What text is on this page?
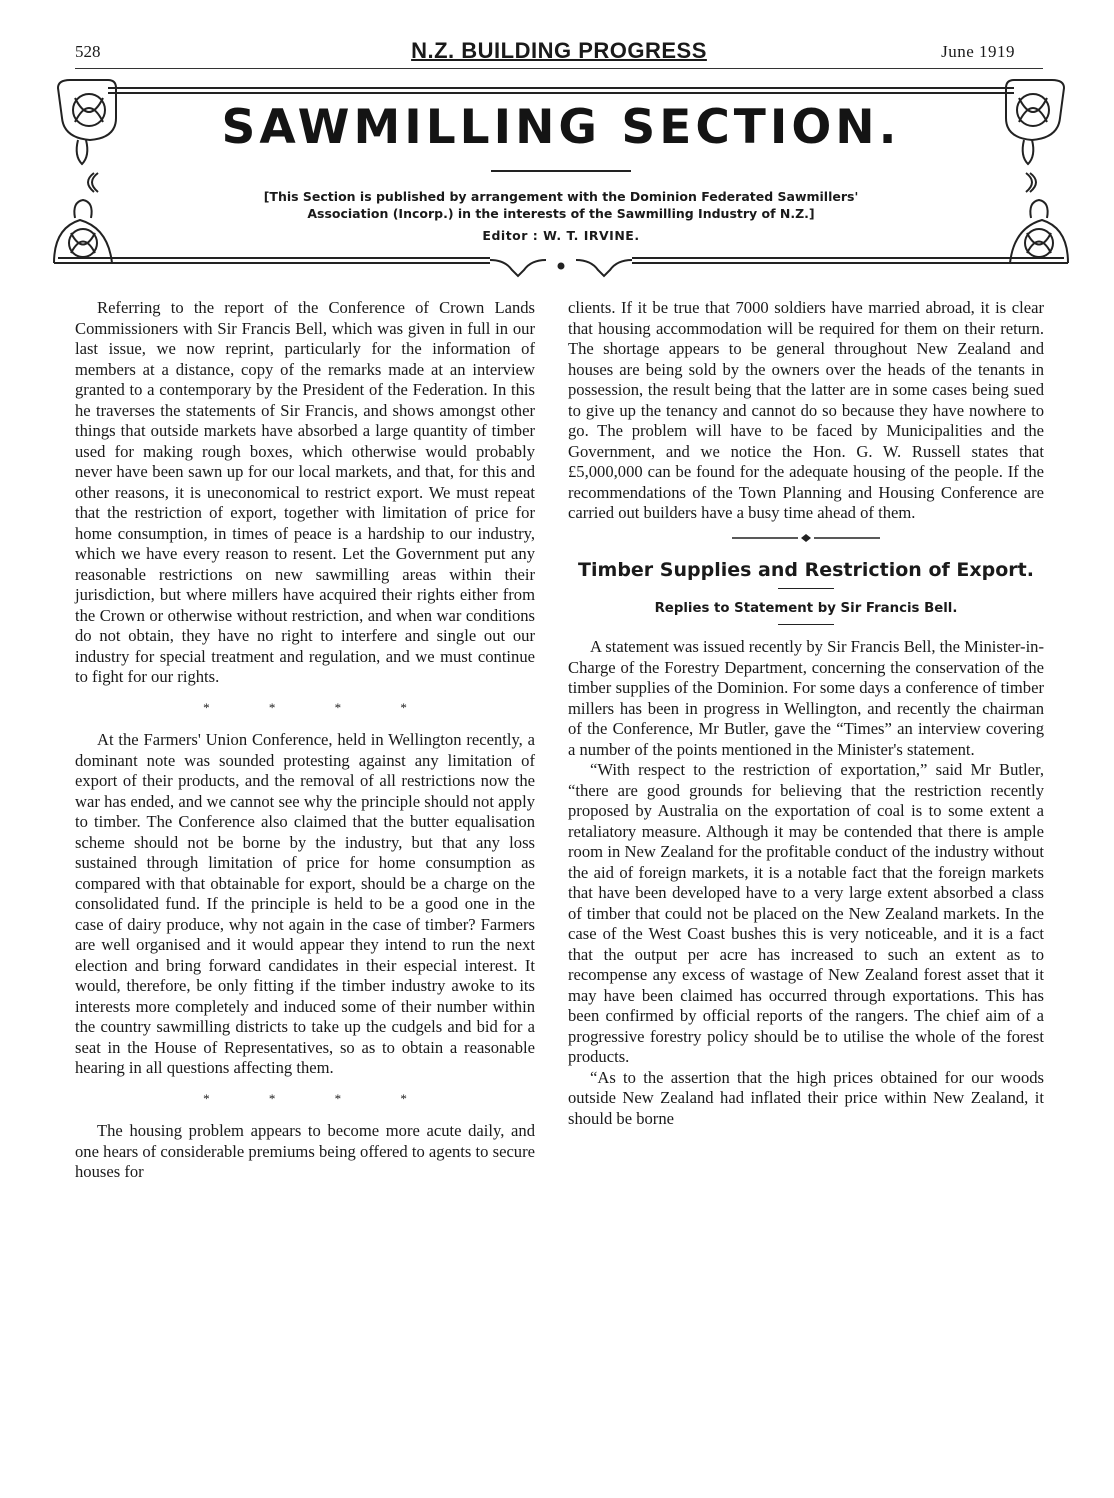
528	N.Z. BUILDING PROGRESS	June 1919
SAWMILLING SECTION.
[This Section is published by arrangement with the Dominion Federated Sawmillers'
Association (Incorp.) in the interests of the Sawmilling Industry of N.Z.]
Editor : W. T. IRVINE.

Referring to the report of the Conference of Crown Lands Commissioners with Sir Francis Bell, which was given in full in our last issue, we now reprint, particularly for the information of members at a distance, copy of the remarks made at an interview granted to a contemporary by the President of the Federation. In this he traverses the statements of Sir Francis, and shows amongst other things that outside markets have absorbed a large quantity of timber used for making rough boxes, which otherwise would probably never have been sawn up for our local markets, and that, for this and other reasons, it is uneconomical to restrict export. We must repeat that the restriction of export, together with limitation of price for home consumption, in times of peace is a hardship to our industry, which we have every reason to resent. Let the Government put any reasonable restrictions on new sawmilling areas within their jurisdiction, but where millers have acquired their rights either from the Crown or otherwise without restriction, and when war conditions do not obtain, they have no right to interfere and single out our industry for special treatment and regulation, and we must continue to fight for our rights.

* * * *

At the Farmers' Union Conference, held in Wellington recently, a dominant note was sounded protesting against any limitation of export of their products, and the removal of all restrictions now the war has ended, and we cannot see why the principle should not apply to timber. The Conference also claimed that the butter equalisation scheme should not be borne by the industry, but that any loss sustained through limitation of price for home consumption as compared with that obtainable for export, should be a charge on the consolidated fund. If the principle is held to be a good one in the case of dairy produce, why not again in the case of timber? Farmers are well organised and it would appear they intend to run the next election and bring forward candidates in their especial interest. It would, therefore, be only fitting if the timber industry awoke to its interests more completely and induced some of their number within the country sawmilling districts to take up the cudgels and bid for a seat in the House of Representatives, so as to obtain a reasonable hearing in all questions affecting them.

* * * *

The housing problem appears to become more acute daily, and one hears of considerable premiums being offered to agents to secure houses for

clients. If it be true that 7000 soldiers have married abroad, it is clear that housing accommodation will be required for them on their return. The shortage appears to be general throughout New Zealand and houses are being sold by the owners over the heads of the tenants in possession, the result being that the latter are in some cases being sued to give up the tenancy and cannot do so because they have nowhere to go. The problem will have to be faced by Municipalities and the Government, and we notice the Hon. G. W. Russell states that £5,000,000 can be found for the adequate housing of the people. If the recommendations of the Town Planning and Housing Conference are carried out builders have a busy time ahead of them.

Timber Supplies and Restriction of Export.
Replies to Statement by Sir Francis Bell.

A statement was issued recently by Sir Francis Bell, the Minister-in-Charge of the Forestry Department, concerning the conservation of the timber supplies of the Dominion. For some days a conference of timber millers has been in progress in Wellington, and recently the chairman of the Conference, Mr Butler, gave the “Times” an interview covering a number of the points mentioned in the Minister's statement.

“With respect to the restriction of exportation,” said Mr Butler, “there are good grounds for believing that the restriction recently proposed by Australia on the exportation of coal is to some extent a retaliatory measure. Although it may be contended that there is ample room in New Zealand for the profitable conduct of the industry without the aid of foreign markets, it is a notable fact that the foreign markets that have been developed have to a very large extent absorbed a class of timber that could not be placed on the New Zealand markets. In the case of the West Coast bushes this is very noticeable, and it is a fact that the output per acre has increased to such an extent as to recompense any excess of wastage of New Zealand forest asset that it may have been claimed has occurred through exportations. This has been confirmed by official reports of the rangers. The chief aim of a progressive forestry policy should be to utilise the whole of the forest products.

“As to the assertion that the high prices obtained for our woods outside New Zealand had inflated their price within New Zealand, it should be borne
